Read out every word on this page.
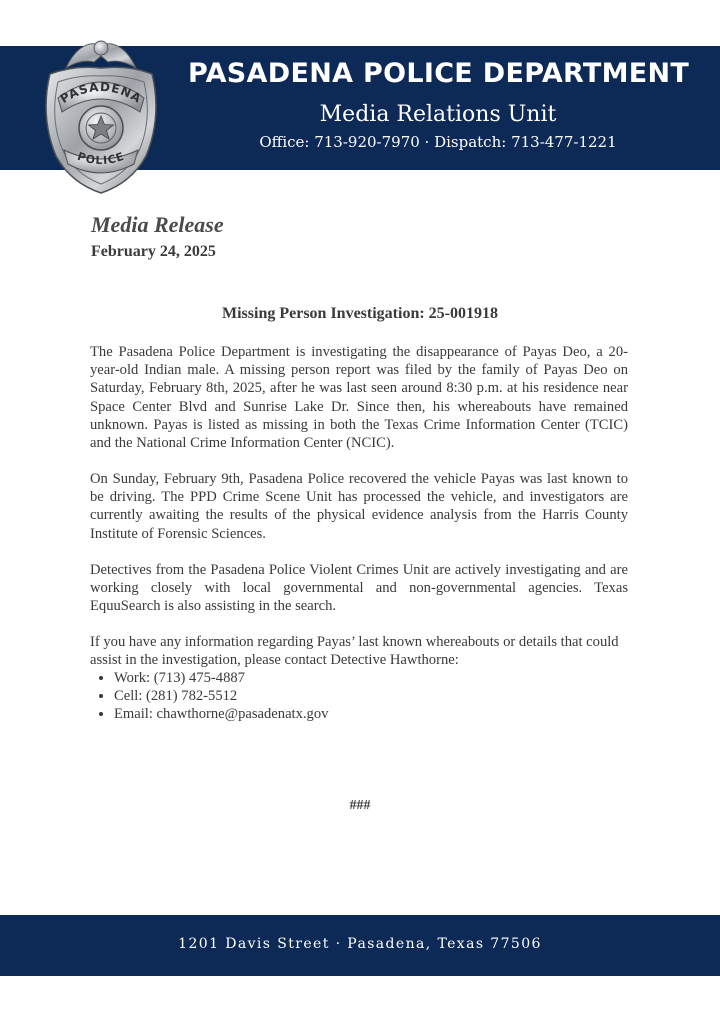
PASADENA
POLICE
PASADENA POLICE DEPARTMENT
Media Relations Unit
Office: 713-920-7970 · Dispatch: 713-477-1221
Media Release
February 24, 2025
Missing Person Investigation: 25-001918

The Pasadena Police Department is investigating the disappearance of Payas Deo, a 20-year-old Indian male. A missing person report was filed by the family of Payas Deo on Saturday, February 8th, 2025, after he was last seen around 8:30 p.m. at his residence near Space Center Blvd and Sunrise Lake Dr. Since then, his whereabouts have remained unknown. Payas is listed as missing in both the Texas Crime Information Center (TCIC) and the National Crime Information Center (NCIC).

On Sunday, February 9th, Pasadena Police recovered the vehicle Payas was last known to be driving. The PPD Crime Scene Unit has processed the vehicle, and investigators are currently awaiting the results of the physical evidence analysis from the Harris County Institute of Forensic Sciences.

Detectives from the Pasadena Police Violent Crimes Unit are actively investigating and are working closely with local governmental and non-governmental agencies. Texas EquuSearch is also assisting in the search.

If you have any information regarding Payas’ last known whereabouts or details that could assist in the investigation, please contact Detective Hawthorne:

• Work: (713) 475-4887
• Cell: (281) 782-5512
• Email: chawthorne@pasadenatx.gov
###
1201 Davis Street · Pasadena, Texas 77506
